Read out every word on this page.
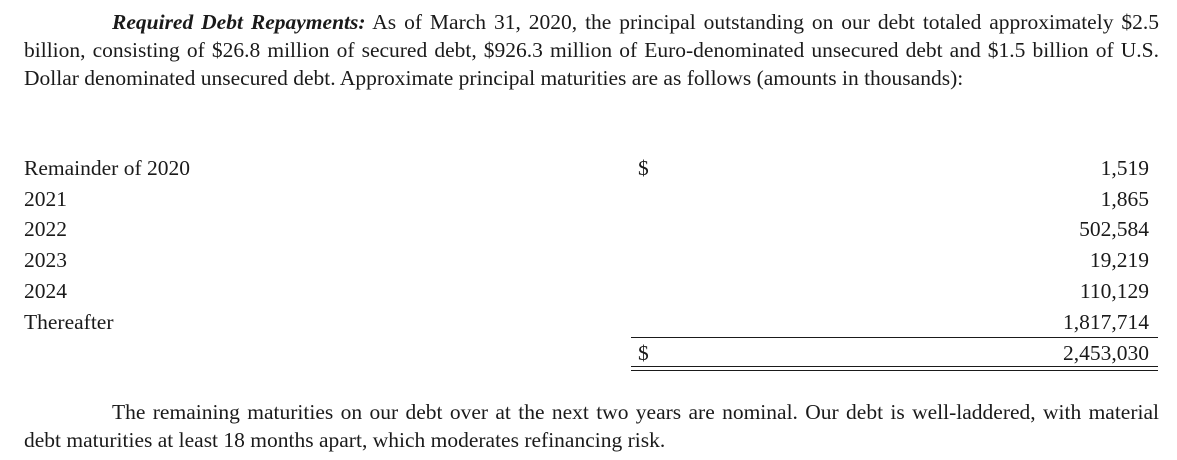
Required Debt Repayments: As of March 31, 2020, the principal outstanding on our debt totaled approximately $2.5 billion, consisting of $26.8 million of secured debt, $926.3 million of Euro-denominated unsecured debt and $1.5 billion of U.S. Dollar denominated unsecured debt. Approximate principal maturities are as follows (amounts in thousands):

Remainder of 2020	$	1,519
2021	1,865
2022	502,584
2023	19,219
2024	110,129
Thereafter	1,817,714
$	2,453,030

The remaining maturities on our debt over at the next two years are nominal. Our debt is well-laddered, with material debt maturities at least 18 months apart, which moderates refinancing risk.
